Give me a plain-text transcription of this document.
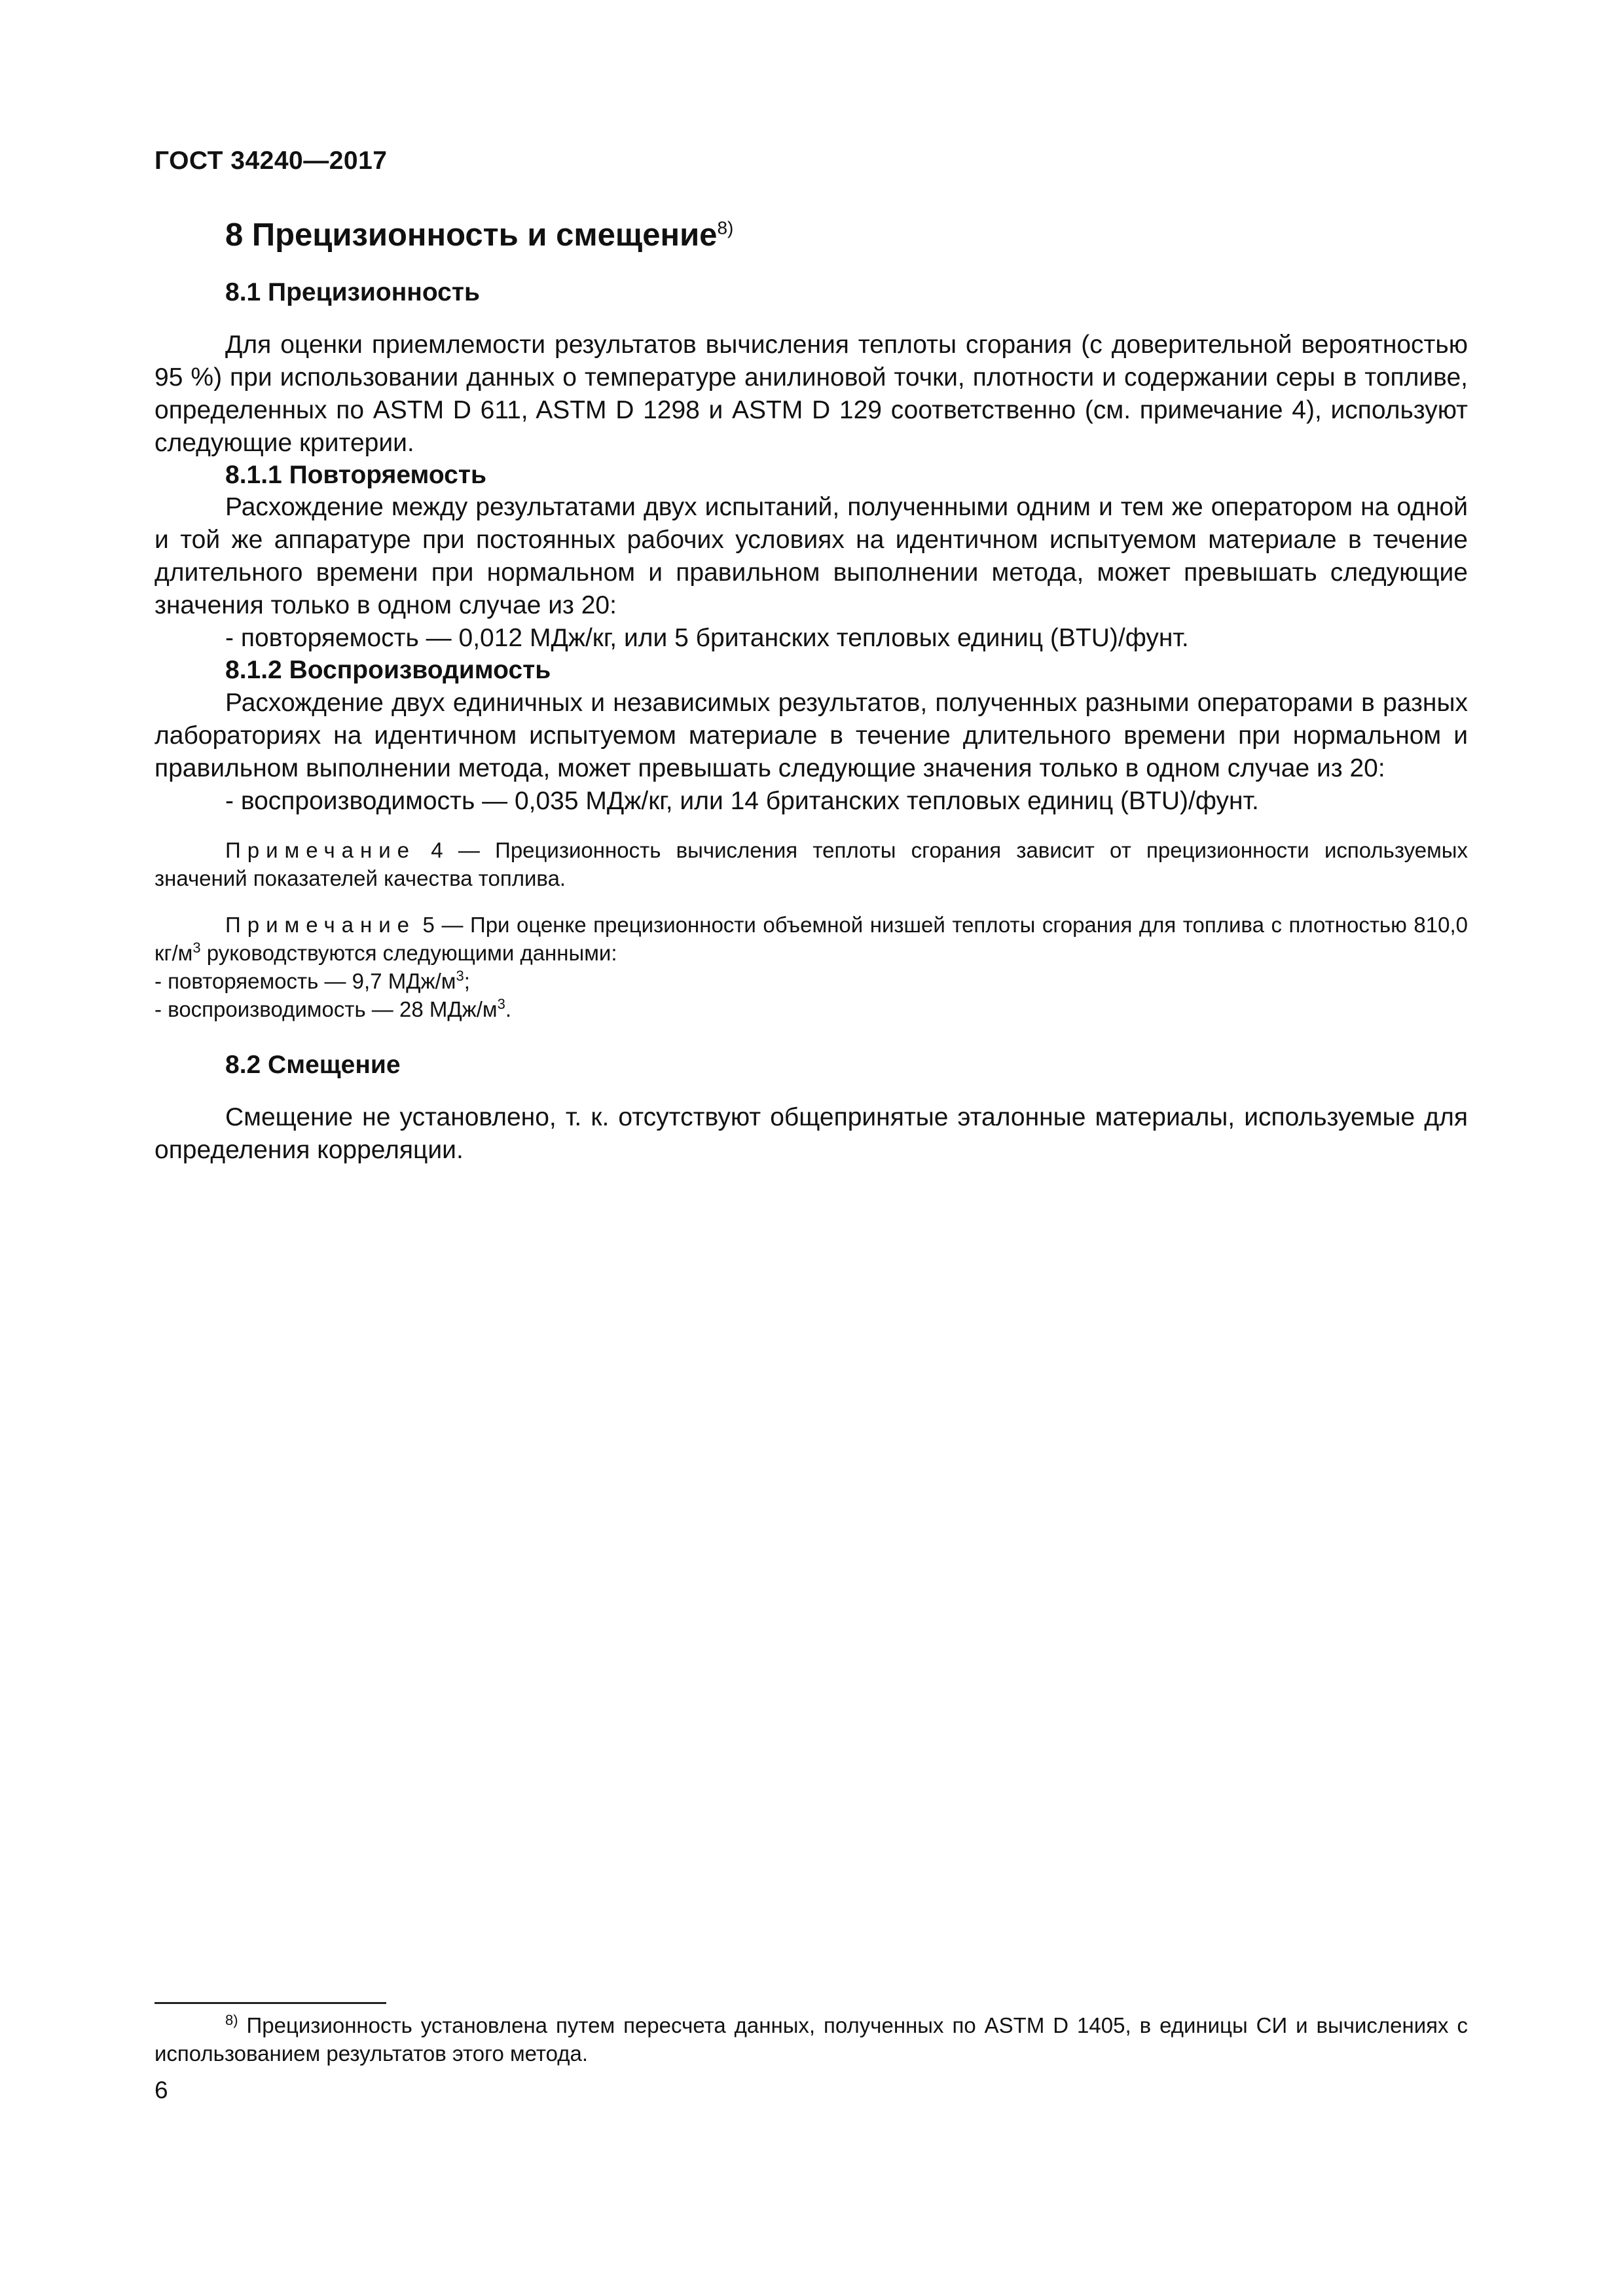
ГОСТ 34240—2017
8 Прецизионность и смещение$^{8)}$
8.1 Прецизионность

Для оценки приемлемости результатов вычисления теплоты сгорания (с доверительной вероятностью 95 %) при использовании данных о температуре анилиновой точки, плотности и содержании серы в топливе, определенных по ASTM D 611, ASTM D 1298 и ASTM D 129 соответственно (см. примечание 4), используют следующие критерии.

8.1.1 Повторяемость

Расхождение между результатами двух испытаний, полученными одним и тем же оператором на одной и той же аппаратуре при постоянных рабочих условиях на идентичном испытуемом материале в течение длительного времени при нормальном и правильном выполнении метода, может превышать следующие значения только в одном случае из 20:

- повторяемость — 0,012 МДж/кг, или 5 британских тепловых единиц (BTU)/фунт.

8.1.2 Воспроизводимость

Расхождение двух единичных и независимых результатов, полученных разными операторами в разных лабораториях на идентичном испытуемом материале в течение длительного времени при нормальном и правильном выполнении метода, может превышать следующие значения только в одном случае из 20:

- воспроизводимость — 0,035 МДж/кг, или 14 британских тепловых единиц (BTU)/фунт.

Примечание 4 — Прецизионность вычисления теплоты сгорания зависит от прецизионности используемых значений показателей качества топлива.

Примечание 5 — При оценке прецизионности объемной низшей теплоты сгорания для топлива с плотностью 810,0 $кг/м^3$ руководствуются следующими данными:

- повторяемость — 9,7 МДж/$м^3$;

- воспроизводимость — 28 МДж/$м^3$.

8.2 Смещение

Смещение не установлено, т. к. отсутствуют общепринятые эталонные материалы, используемые для определения корреляции.

$^{8)}$ Прецизионность установлена путем пересчета данных, полученных по ASTM D 1405, в единицы СИ и вычислениях с использованием результатов этого метода.
6
